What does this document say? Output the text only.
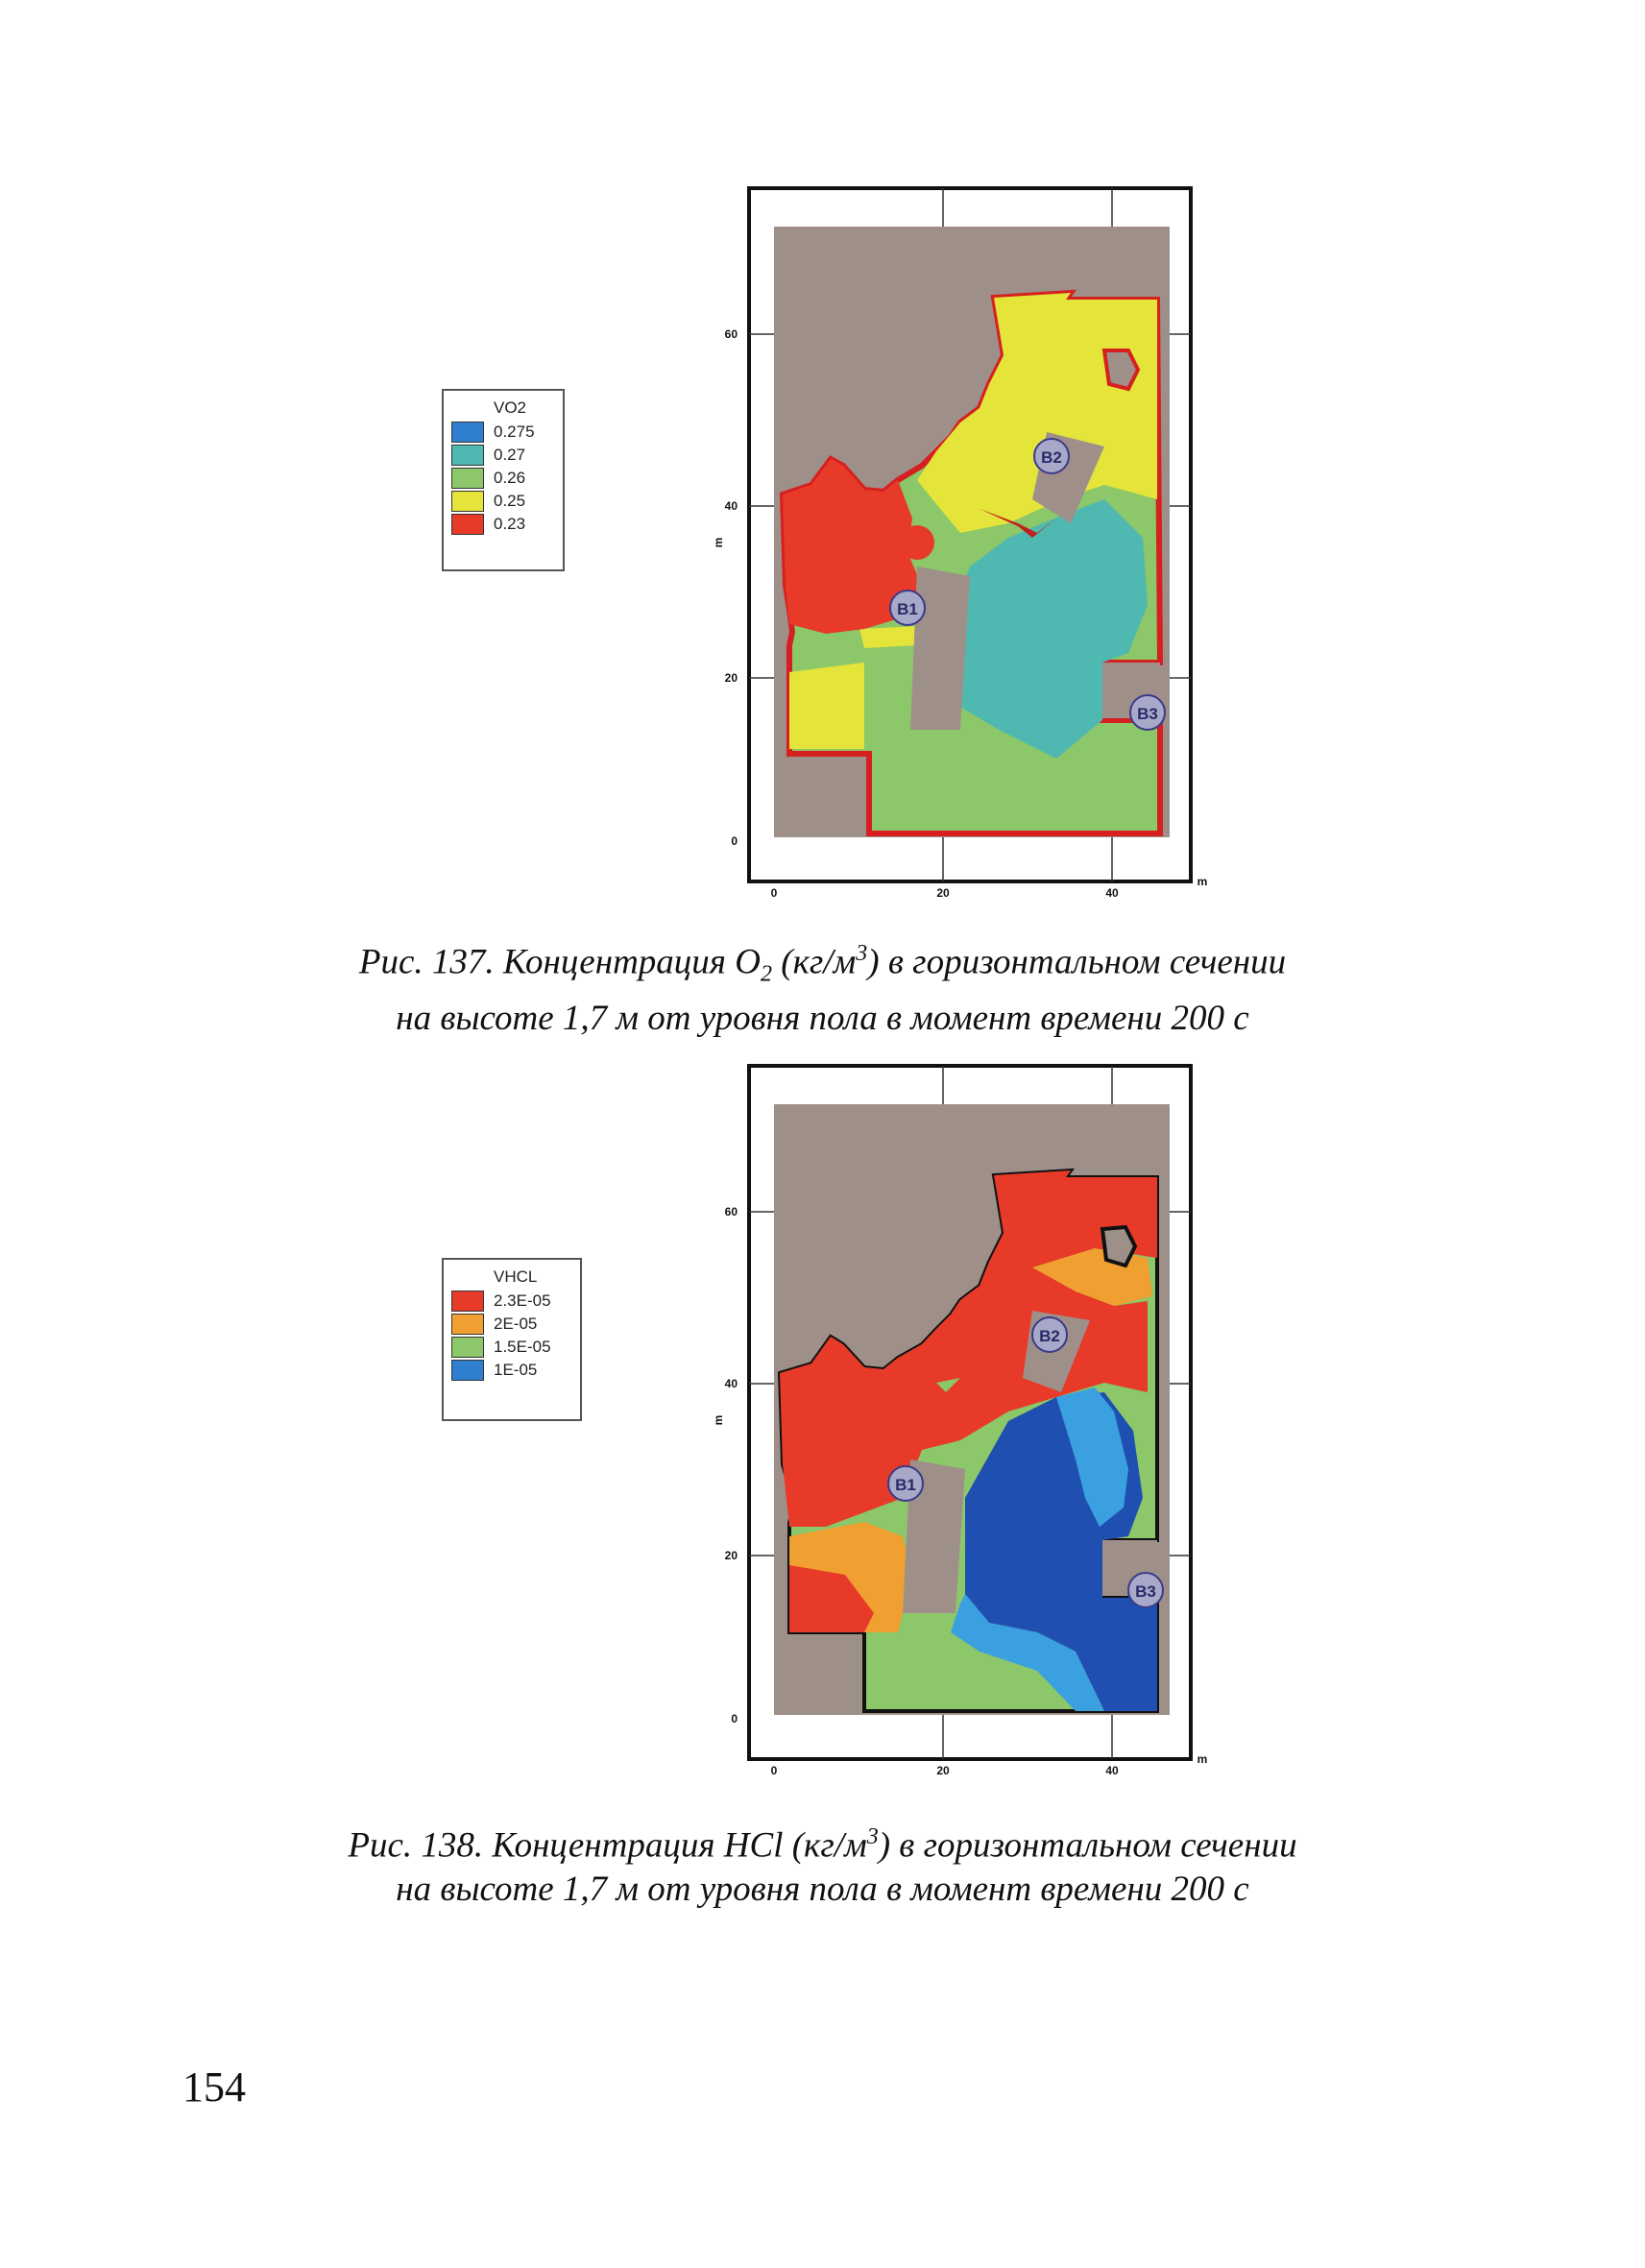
VO2
0.275
0.27
0.26
0.25
0.23
B1
B2
B3
0	20	40
m
0
20
40
60
m
Рис. 137. Концентрация $O_2$ $(кг/м^3)$ в горизонтальном сечении
на высоте 1,7 м от уровня пола в момент времени 200 с
VHCL
2.3E-05
2E-05
1.5E-05
1E-05
B1
B2
B3
0	20	40
m
0
20
40
60
m
Рис. 138. Концентрация HCl $(кг/м^3)$ в горизонтальном сечении
на высоте 1,7 м от уровня пола в момент времени 200 с
154
